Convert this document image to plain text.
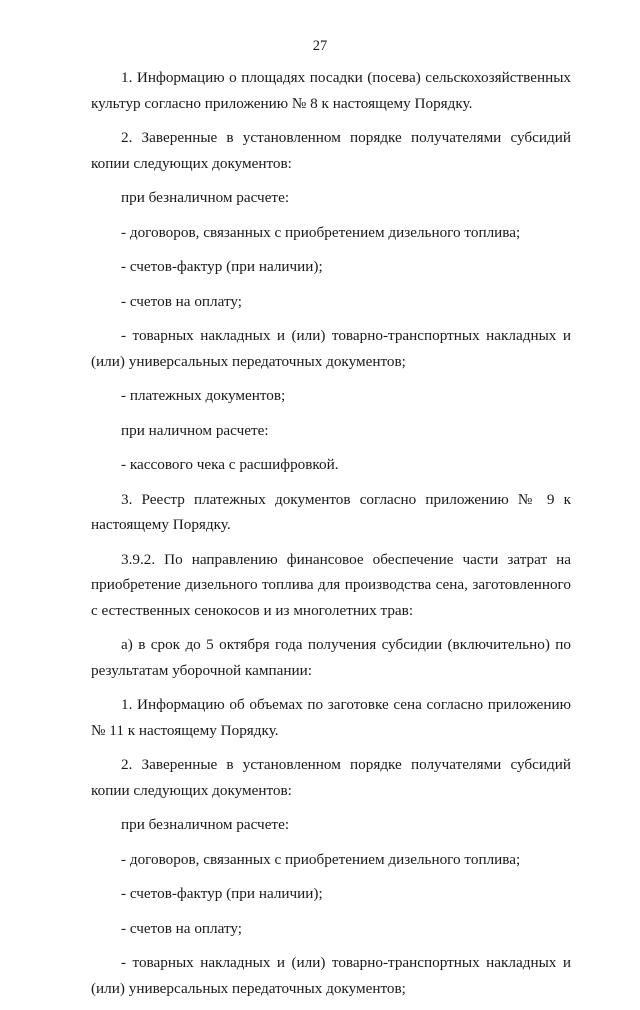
27

1. Информацию о площадях посадки (посева) сельскохозяйственных культур согласно приложению № 8 к настоящему Порядку.

2. Заверенные в установленном порядке получателями субсидий копии следующих документов:

при безналичном расчете:

- договоров, связанных с приобретением дизельного топлива;

- счетов-фактур (при наличии);

- счетов на оплату;

- товарных накладных и (или) товарно-транспортных накладных и (или) универсальных передаточных документов;

- платежных документов;

при наличном расчете:

- кассового чека с расшифровкой.

3. Реестр платежных документов согласно приложению № 9 к настоящему Порядку.

3.9.2. По направлению финансовое обеспечение части затрат на приобретение дизельного топлива для производства сена, заготовленного с естественных сенокосов и из многолетних трав:

а) в срок до 5 октября года получения субсидии (включительно) по результатам уборочной кампании:

1. Информацию об объемах по заготовке сена согласно приложению № 11 к настоящему Порядку.

2. Заверенные в установленном порядке получателями субсидий копии следующих документов:

при безналичном расчете:

- договоров, связанных с приобретением дизельного топлива;

- счетов-фактур (при наличии);

- счетов на оплату;

- товарных накладных и (или) товарно-транспортных накладных и (или) универсальных передаточных документов;
